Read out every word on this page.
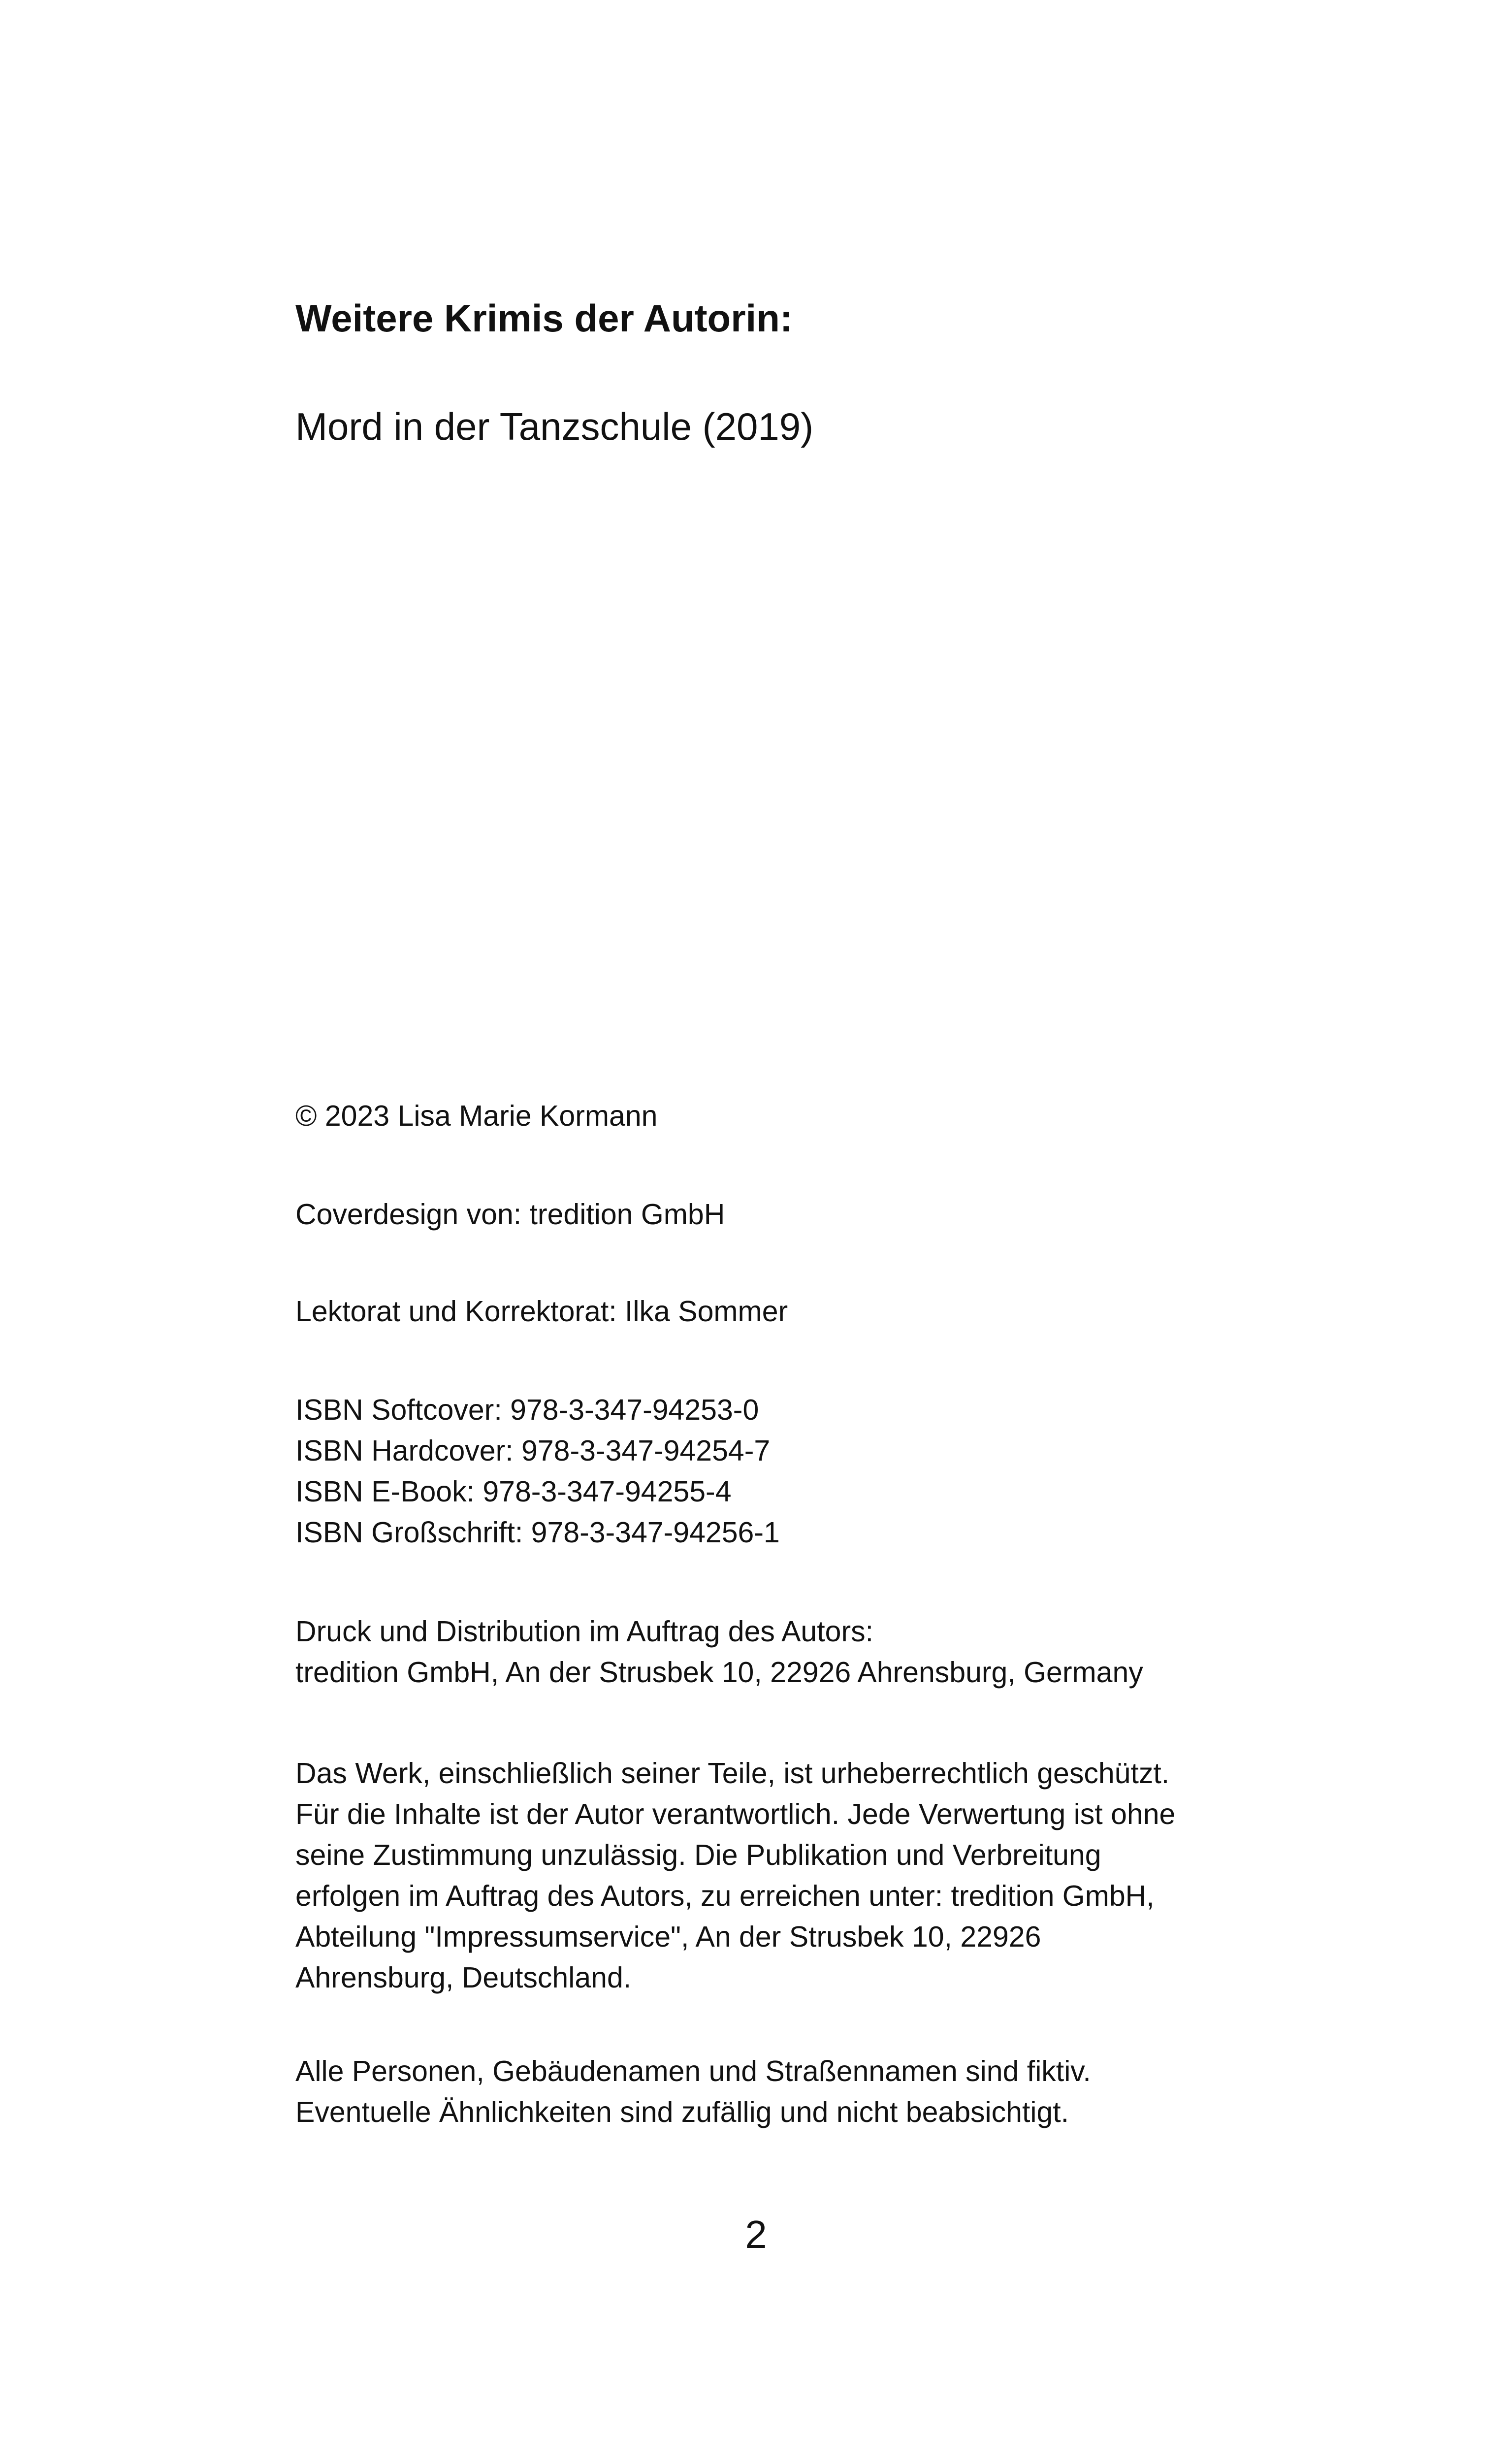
Weitere Krimis der Autorin:
Mord in der Tanzschule (2019)
© 2023 Lisa Marie Kormann
Coverdesign von: tredition GmbH
Lektorat und Korrektorat: Ilka Sommer
ISBN Softcover: 978-3-347-94253-0
ISBN Hardcover: 978-3-347-94254-7
ISBN E-Book: 978-3-347-94255-4
ISBN Großschrift: 978-3-347-94256-1
Druck und Distribution im Auftrag des Autors:
tredition GmbH, An der Strusbek 10, 22926 Ahrensburg, Germany
Das Werk, einschließlich seiner Teile, ist urheberrechtlich geschützt.
Für die Inhalte ist der Autor verantwortlich. Jede Verwertung ist ohne
seine Zustimmung unzulässig. Die Publikation und Verbreitung
erfolgen im Auftrag des Autors, zu erreichen unter: tredition GmbH,
Abteilung "Impressumservice", An der Strusbek 10, 22926
Ahrensburg, Deutschland.
Alle Personen, Gebäudenamen und Straßennamen sind fiktiv.
Eventuelle Ähnlichkeiten sind zufällig und nicht beabsichtigt.
2
